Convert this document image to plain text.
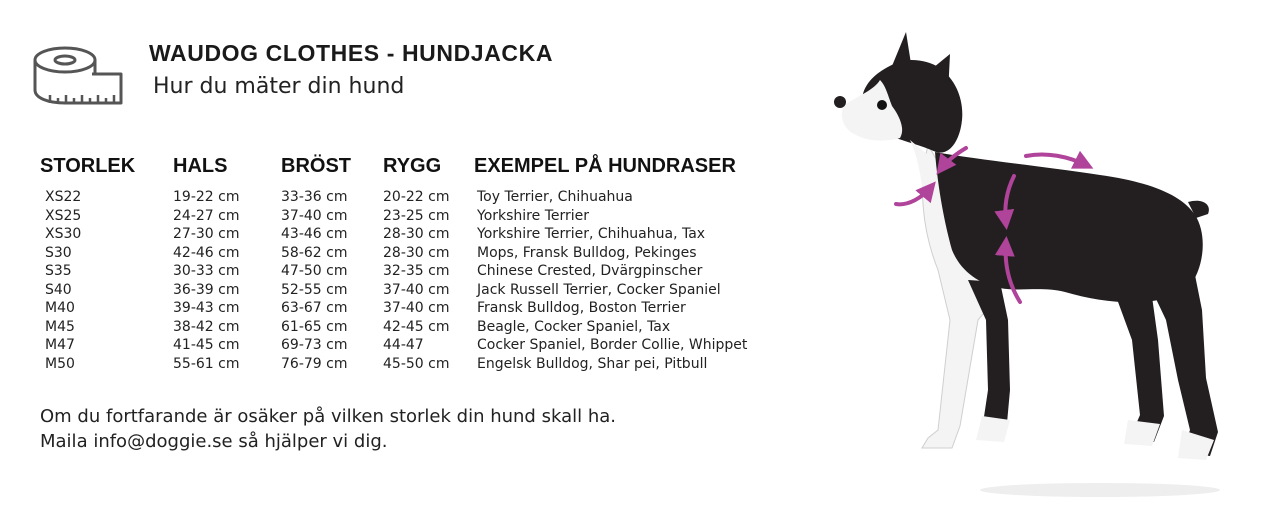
WAUDOG CLOTHES - HUNDJACKA
Hur du mäter din hund
STORLEK	HALS	BRÖST	RYGG	EXEMPEL PÅ HUNDRASER
XS22	19-22 cm	33-36 cm	20-22 cm	Toy Terrier, Chihuahua
XS25	24-27 cm	37-40 cm	23-25 cm	Yorkshire Terrier
XS30	27-30 cm	43-46 cm	28-30 cm	Yorkshire Terrier, Chihuahua, Tax
S30	42-46 cm	58-62 cm	28-30 cm	Mops, Fransk Bulldog, Pekinges
S35	30-33 cm	47-50 cm	32-35 cm	Chinese Crested, Dvärgpinscher
S40	36-39 cm	52-55 cm	37-40 cm	Jack Russell Terrier, Cocker Spaniel
M40	39-43 cm	63-67 cm	37-40 cm	Fransk Bulldog, Boston Terrier
M45	38-42 cm	61-65 cm	42-45 cm	Beagle, Cocker Spaniel, Tax
M47	41-45 cm	69-73 cm	44-47	Cocker Spaniel, Border Collie, Whippet
M50	55-61 cm	76-79 cm	45-50 cm	Engelsk Bulldog, Shar pei, Pitbull
Om du fortfarande är osäker på vilken storlek din hund skall ha.
Maila info@doggie.se så hjälper vi dig.
